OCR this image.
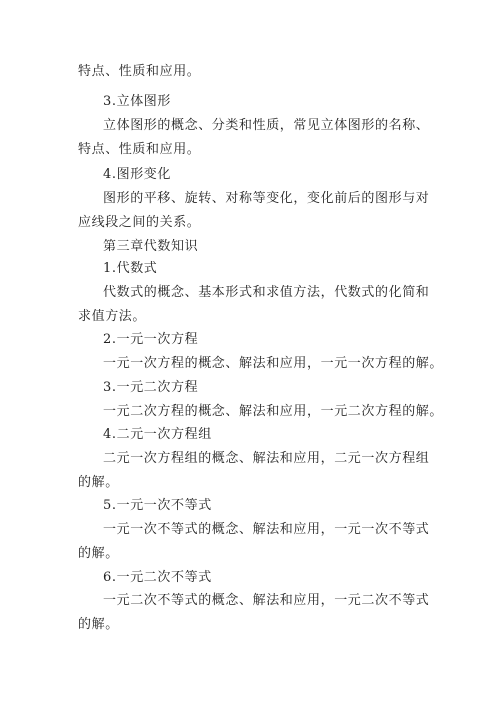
特点、性质和应用。
3.立体图形
立体图形的概念、分类和性质，常见立体图形的名称、
特点、性质和应用。
4.图形变化
图形的平移、旋转、对称等变化，变化前后的图形与对
应线段之间的关系。
第三章代数知识
1.代数式
代数式的概念、基本形式和求值方法，代数式的化简和
求值方法。
2.一元一次方程
一元一次方程的概念、解法和应用，一元一次方程的解。
3.一元二次方程
一元二次方程的概念、解法和应用，一元二次方程的解。
4.二元一次方程组
二元一次方程组的概念、解法和应用，二元一次方程组
的解。
5.一元一次不等式
一元一次不等式的概念、解法和应用，一元一次不等式
的解。
6.一元二次不等式
一元二次不等式的概念、解法和应用，一元二次不等式
的解。
